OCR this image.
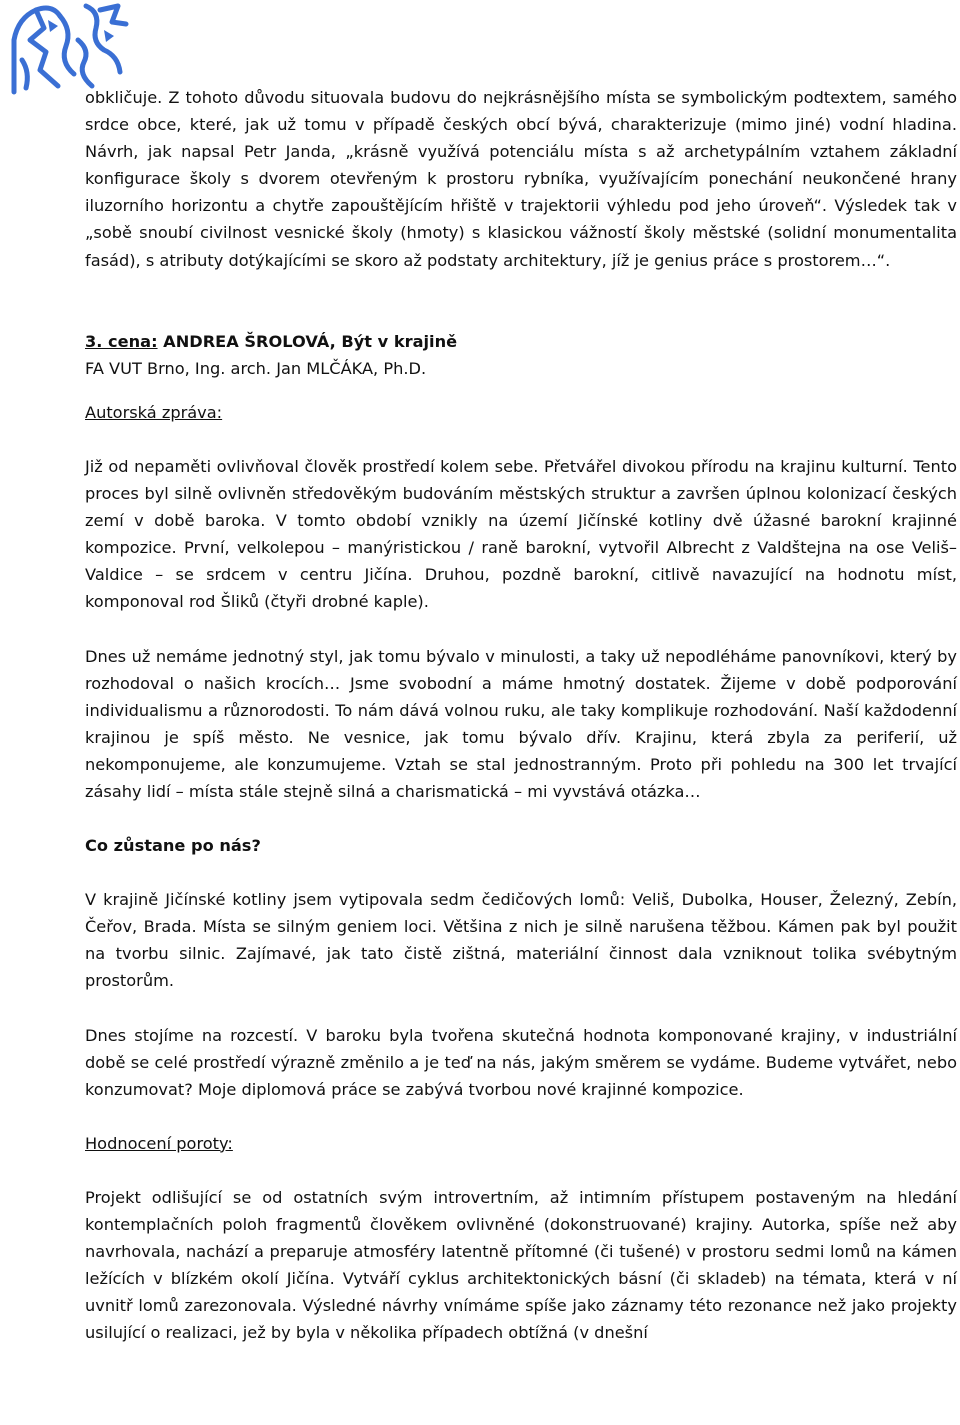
obkličuje. Z tohoto důvodu situovala budovu do nejkrásnějšího místa se symbolickým podtextem, samého srdce obce, které, jak už tomu v případě českých obcí bývá, charakterizuje (mimo jiné) vodní hladina. Návrh, jak napsal Petr Janda, „krásně využívá potenciálu místa s až archetypálním vztahem základní konfigurace školy s dvorem otevřeným k prostoru rybníka, využívajícím ponechání neukončené hrany iluzorního horizontu a chytře zapouštějícím hřiště v trajektorii výhledu pod jeho úroveň“. Výsledek tak v „sobě snoubí civilnost vesnické školy (hmoty) s klasickou vážností školy městské (solidní monumentalita fasád), s atributy dotýkajícími se skoro až podstaty architektury, jíž je genius práce s prostorem…“.

3. cena: ANDREA ŠROLOVÁ, Být v krajině

FA VUT Brno, Ing. arch. Jan MLČÁKA, Ph.D.

Autorská zpráva:

Již od nepaměti ovlivňoval člověk prostředí kolem sebe. Přetvářel divokou přírodu na krajinu kulturní. Tento proces byl silně ovlivněn středověkým budováním městských struktur a završen úplnou kolonizací českých zemí v době baroka. V tomto období vznikly na území Jičínské kotliny dvě úžasné barokní krajinné kompozice. První, velkolepou – manýristickou / raně barokní, vytvořil Albrecht z Valdštejna na ose Veliš–Valdice – se srdcem v centru Jičína. Druhou, pozdně barokní, citlivě navazující na hodnotu míst, komponoval rod Šliků (čtyři drobné kaple).

Dnes už nemáme jednotný styl, jak tomu bývalo v minulosti, a taky už nepodléháme panovníkovi, který by rozhodoval o našich krocích… Jsme svobodní a máme hmotný dostatek. Žijeme v době podporování individualismu a různorodosti. To nám dává volnou ruku, ale taky komplikuje rozhodování. Naší každodenní krajinou je spíš město. Ne vesnice, jak tomu bývalo dřív. Krajinu, která zbyla za periferií, už nekomponujeme, ale konzumujeme. Vztah se stal jednostranným. Proto při pohledu na 300 let trvající zásahy lidí – místa stále stejně silná a charismatická – mi vyvstává otázka…

Co zůstane po nás?

V krajině Jičínské kotliny jsem vytipovala sedm čedičových lomů: Veliš, Dubolka, Houser, Železný, Zebín, Čeřov, Brada. Místa se silným geniem loci. Většina z nich je silně narušena těžbou. Kámen pak byl použit na tvorbu silnic. Zajímavé, jak tato čistě zištná, materiální činnost dala vzniknout tolika svébytným prostorům.

Dnes stojíme na rozcestí. V baroku byla tvořena skutečná hodnota komponované krajiny, v industriální době se celé prostředí výrazně změnilo a je teď na nás, jakým směrem se vydáme. Budeme vytvářet, nebo konzumovat? Moje diplomová práce se zabývá tvorbou nové krajinné kompozice.

Hodnocení poroty:

Projekt odlišující se od ostatních svým introvertním, až intimním přístupem postaveným na hledání kontemplačních poloh fragmentů člověkem ovlivněné (dokonstruované) krajiny. Autorka, spíše než aby navrhovala, nachází a preparuje atmosféry latentně přítomné (či tušené) v prostoru sedmi lomů na kámen ležících v blízkém okolí Jičína. Vytváří cyklus architektonických básní (či skladeb) na témata, která v ní uvnitř lomů zarezonovala. Výsledné návrhy vnímáme spíše jako záznamy této rezonance než jako projekty usilující o realizaci, jež by byla v několika případech obtížná (v dnešní
